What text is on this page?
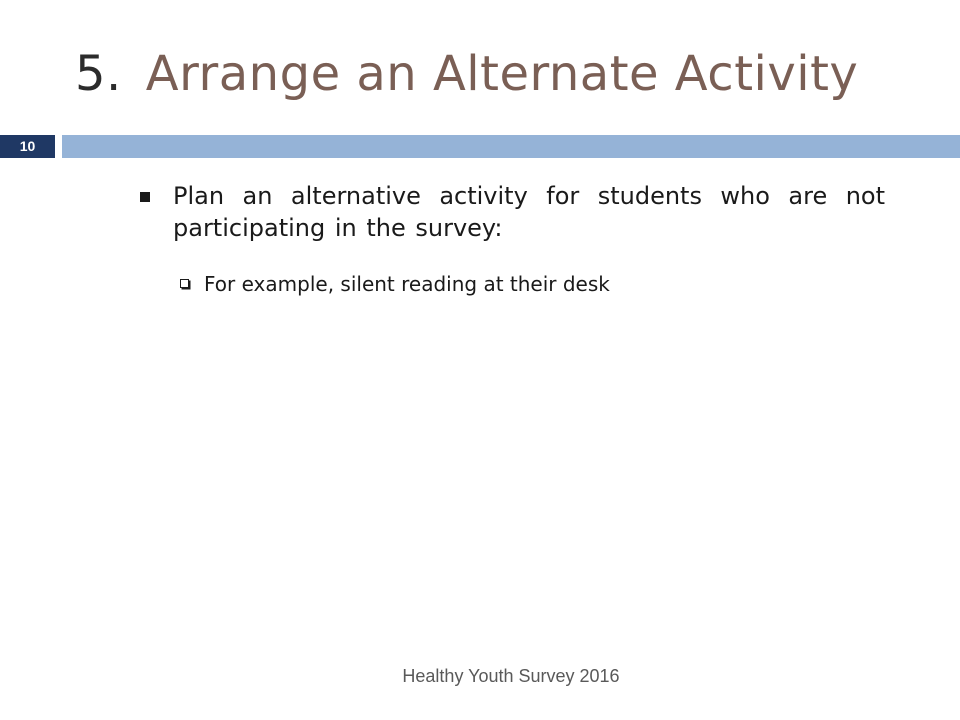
5. Arrange an Alternate Activity
10
Plan an alternative activity for students who are not participating in the survey:
For example, silent reading at their desk
Healthy Youth Survey 2016
